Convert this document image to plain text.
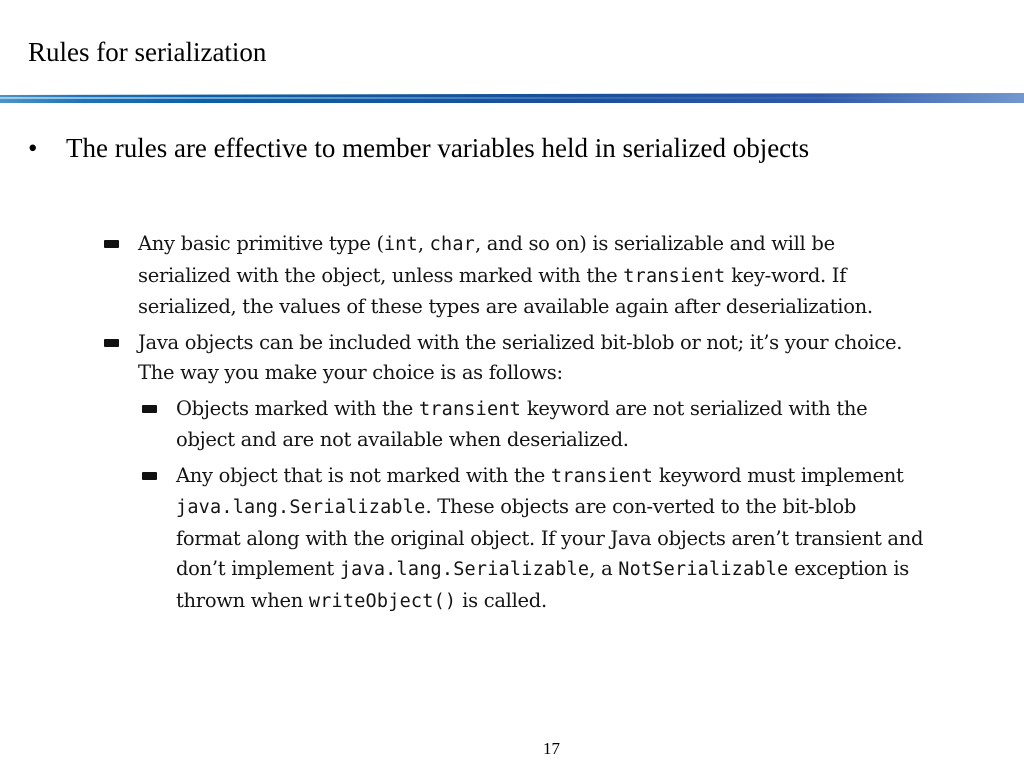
Rules for serialization
• The rules are effective to member variables held in serialized objects
Any basic primitive type (int, char, and so on) is serializable and will be serialized with the object, unless marked with the transient key-word. If serialized, the values of these types are available again after deserialization.
Java objects can be included with the serialized bit-blob or not; it’s your choice. The way you make your choice is as follows:
Objects marked with the transient keyword are not serialized with the object and are not available when deserialized.
Any object that is not marked with the transient keyword must implement java.lang.Serializable. These objects are con-verted to the bit-blob format along with the original object. If your Java objects aren’t transient and don’t implement java.lang.Serializable, a NotSerializable exception is thrown when writeObject() is called.
17
